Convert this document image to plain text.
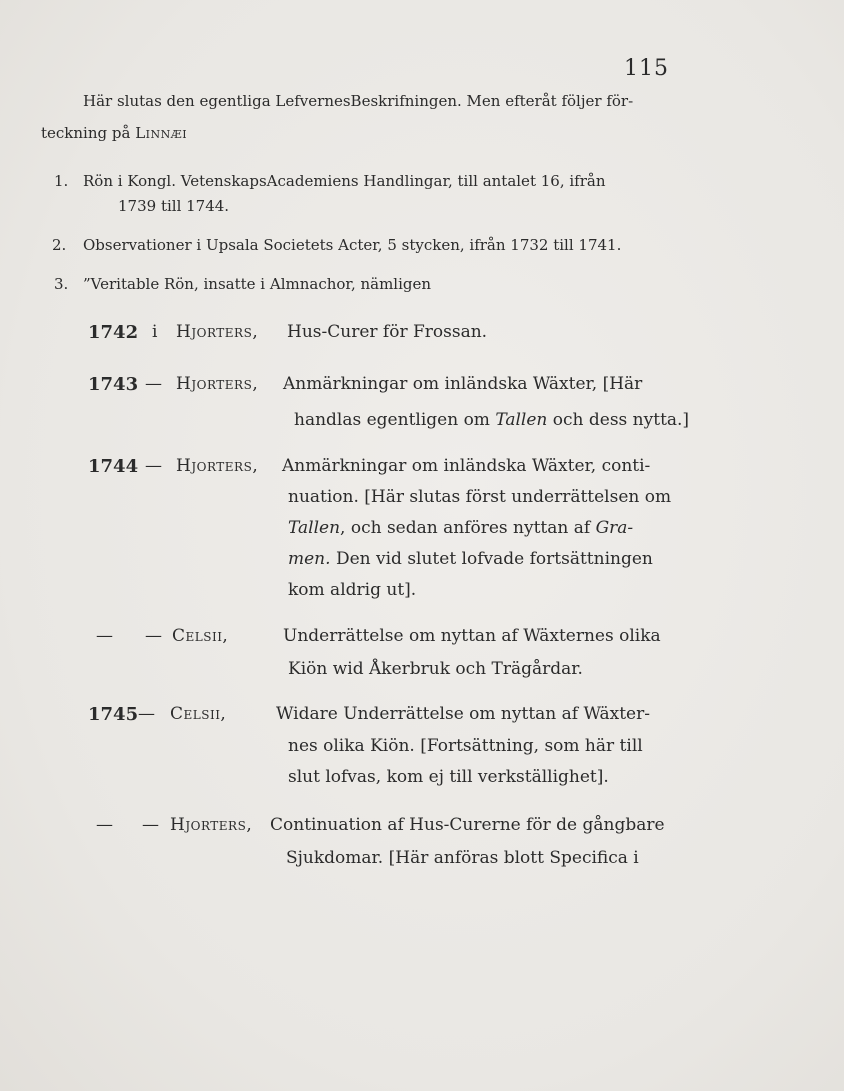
115
Här slutas den egentliga LefvernesBeskrifningen. Men efteråt följer för-
teckning på Linnæi
1. Rön i Kongl. VetenskapsAcademiens Handlingar, till antalet 16, ifrån
1739 till 1744.
2. Observationer i Upsala Societets Acter, 5 stycken, ifrån 1732 till 1741.
3. ”Veritable Rön, insatte i Almnachor, nämligen
1742 i Hjorters, Hus-Curer för Frossan.
1743 — Hjorters, Anmärkningar om inländska Wäxter, [Här
handlas egentligen om Tallen och dess nytta.]
1744 — Hjorters, Anmärkningar om inländska Wäxter, conti-
nuation. [Här slutas först underrättelsen om
Tallen, och sedan anföres nyttan af Gra-
men. Den vid slutet lofvade fortsättningen
kom aldrig ut].
— — Celsii,	Underrättelse om nyttan af Wäxternes olika
Kiön wid Åkerbruk och Trägårdar.
1745 — Celsii,	Widare Underrättelse om nyttan af Wäxter-
nes olika Kiön. [Fortsättning, som här till
slut lofvas, kom ej till verkställighet].
— — Hjorters, Continuation af Hus-Curerne för de gångbare
Sjukdomar. [Här anföras blott Specifica i
